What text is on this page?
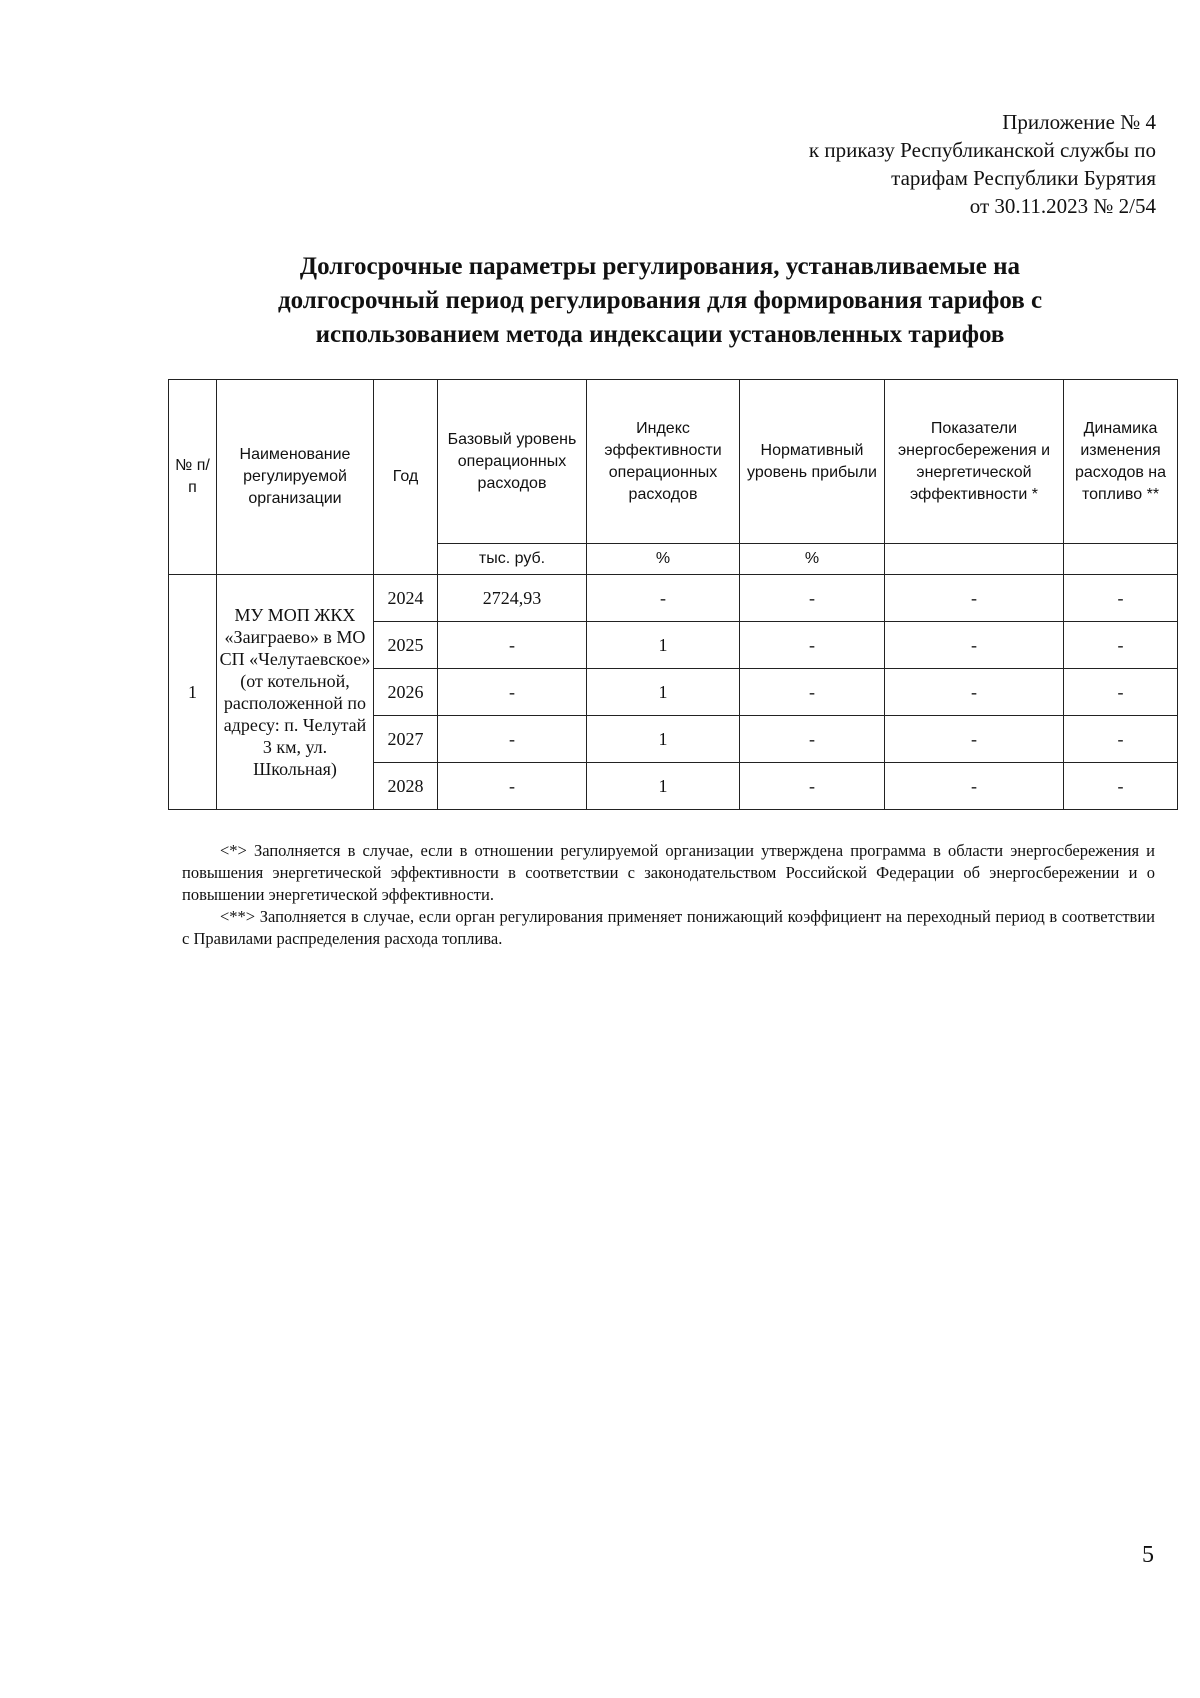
Приложение № 4
к приказу Республиканской службы по
тарифам Республики Бурятия
от 30.11.2023 № 2/54
Долгосрочные параметры регулирования, устанавливаемые на
долгосрочный период регулирования для формирования тарифов с
использованием метода индексации установленных тарифов
№ п/п	Наименование регулируемой организации	Год	Базовый уровень операционных расходов	Индекс эффективности операционных расходов	Нормативный уровень прибыли	Показатели энергосбережения и энергетической эффективности *	Динамика изменения расходов на топливо **
			тыс. руб.	%	%		
1	МУ МОП ЖКХ «Заиграево» в МО СП «Челутаевское» (от котельной, расположенной по адресу: п. Челутай 3 км, ул. Школьная)	2024	2724,93	-	-	-	-
		2025	-	1	-	-	-
		2026	-	1	-	-	-
		2027	-	1	-	-	-
		2028	-	1	-	-	-

<*> Заполняется в случае, если в отношении регулируемой организации утверждена программа в области энергосбережения и повышения энергетической эффективности в соответствии с законодательством Российской Федерации об энергосбережении и о повышении энергетической эффективности.

<**> Заполняется в случае, если орган регулирования применяет понижающий коэффициент на переходный период в соответствии с Правилами распределения расхода топлива.

5
